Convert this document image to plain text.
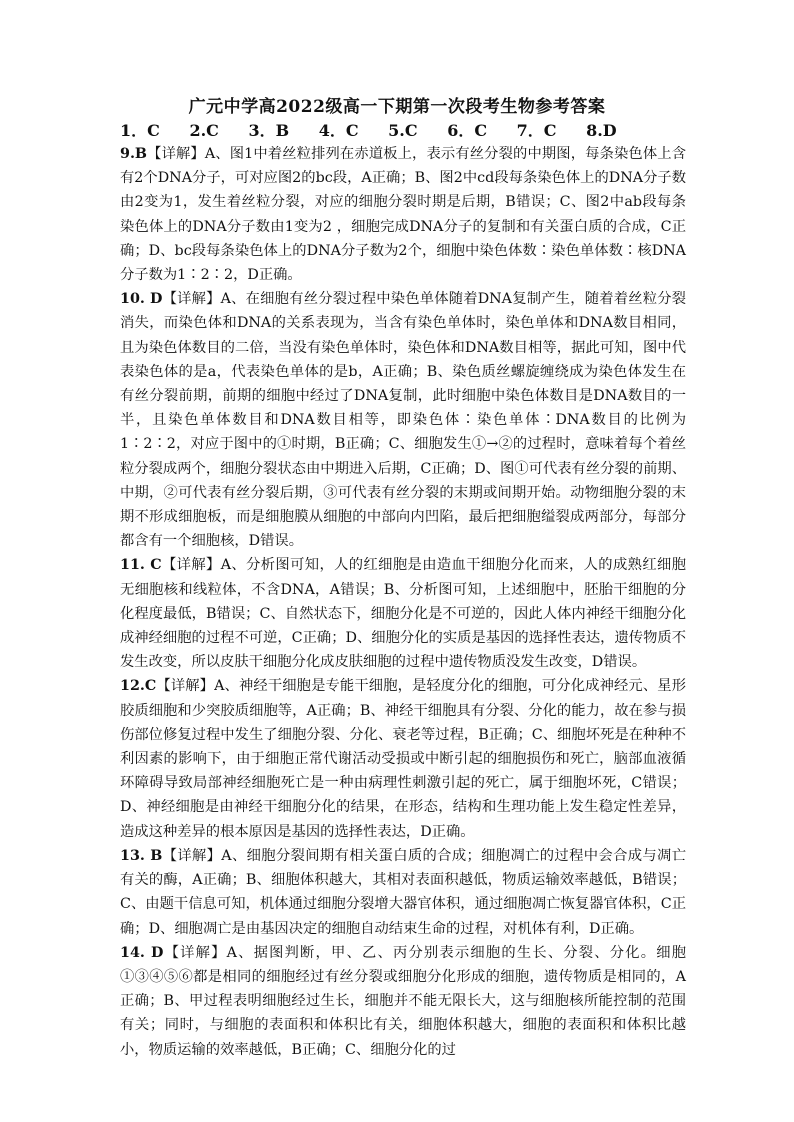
广元中学高2022级高一下期第一次段考生物参考答案
1．C 2.C 3．B 4．C 5.C 6．C 7．C 8.D

9.B【详解】A、图1中着丝粒排列在赤道板上，表示有丝分裂的中期图，每条染色体上含有2个DNA分子，可对应图2的bc段，A正确；B、图2中cd段每条染色体上的DNA分子数由2变为1，发生着丝粒分裂，对应的细胞分裂时期是后期，B错误；C、图2中ab段每条染色体上的DNA分子数由1变为2 ，细胞完成DNA分子的复制和有关蛋白质的合成，C正确；D、bc段每条染色体上的DNA分子数为2个，细胞中染色体数∶染色单体数∶核DNA分子数为1∶2∶2，D正确。

10. D【详解】A、在细胞有丝分裂过程中染色单体随着DNA复制产生，随着着丝粒分裂消失，而染色体和DNA的关系表现为，当含有染色单体时，染色单体和DNA数目相同，且为染色体数目的二倍，当没有染色单体时，染色体和DNA数目相等，据此可知，图中代表染色体的是a，代表染色单体的是b，A正确；B、染色质丝螺旋缠绕成为染色体发生在有丝分裂前期，前期的细胞中经过了DNA复制，此时细胞中染色体数目是DNA数目的一半，且染色单体数目和DNA数目相等，即染色体∶染色单体∶DNA数目的比例为1∶2∶2，对应于图中的①时期，B正确；C、细胞发生①→②的过程时，意味着每个着丝粒分裂成两个，细胞分裂状态由中期进入后期，C正确；D、图①可代表有丝分裂的前期、中期，②可代表有丝分裂后期，③可代表有丝分裂的末期或间期开始。动物细胞分裂的末期不形成细胞板，而是细胞膜从细胞的中部向内凹陷，最后把细胞缢裂成两部分，每部分都含有一个细胞核，D错误。

11. C【详解】A、分析图可知，人的红细胞是由造血干细胞分化而来，人的成熟红细胞无细胞核和线粒体，不含DNA，A错误；B、分析图可知，上述细胞中，胚胎干细胞的分化程度最低，B错误；C、自然状态下，细胞分化是不可逆的，因此人体内神经干细胞分化成神经细胞的过程不可逆，C正确；D、细胞分化的实质是基因的选择性表达，遗传物质不发生改变，所以皮肤干细胞分化成皮肤细胞的过程中遗传物质没发生改变，D错误。

12.C【详解】A、神经干细胞是专能干细胞，是轻度分化的细胞，可分化成神经元、星形胶质细胞和少突胶质细胞等，A正确；B、神经干细胞具有分裂、分化的能力，故在参与损伤部位修复过程中发生了细胞分裂、分化、衰老等过程，B正确；C、细胞坏死是在种种不利因素的影响下，由于细胞正常代谢活动受损或中断引起的细胞损伤和死亡，脑部血液循环障碍导致局部神经细胞死亡是一种由病理性刺激引起的死亡，属于细胞坏死，C错误；D、神经细胞是由神经干细胞分化的结果，在形态，结构和生理功能上发生稳定性差异，造成这种差异的根本原因是基因的选择性表达，D正确。

13. B【详解】A、细胞分裂间期有相关蛋白质的合成；细胞凋亡的过程中会合成与凋亡有关的酶，A正确；B、细胞体积越大，其相对表面积越低，物质运输效率越低，B错误；C、由题干信息可知，机体通过细胞分裂增大器官体积，通过细胞凋亡恢复器官体积，C正确；D、细胞凋亡是由基因决定的细胞自动结束生命的过程，对机体有利，D正确。

14. D【详解】A、据图判断，甲、乙、丙分别表示细胞的生长、分裂、分化。细胞①③④⑤⑥都是相同的细胞经过有丝分裂或细胞分化形成的细胞，遗传物质是相同的，A正确；B、甲过程表明细胞经过生长，细胞并不能无限长大，这与细胞核所能控制的范围有关；同时，与细胞的表面积和体积比有关，细胞体积越大，细胞的表面积和体积比越小，物质运输的效率越低，B正确；C、细胞分化的过
